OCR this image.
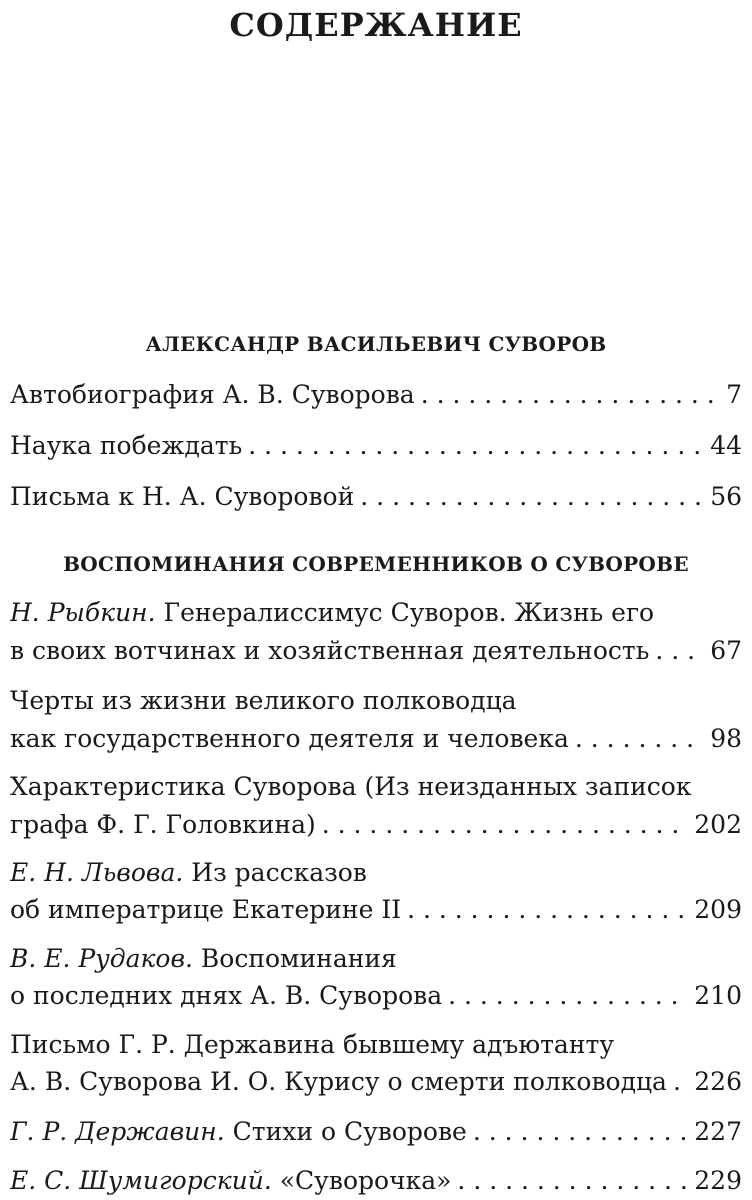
СОДЕРЖАНИЕ
АЛЕКСАНДР ВАСИЛЬЕВИЧ СУВОРОВ
Автобиография А. В. Суворова . . .	7
Наука побеждать . . .	44
Письма к Н. А. Суворовой . . .	56
ВОСПОМИНАНИЯ СОВРЕМЕННИКОВ О СУВОРОВЕ
Н. Рыбкин. Генералиссимус Суворов. Жизнь его
в своих вотчинах и хозяйственная деятельность . . . 67
Черты из жизни великого полководца
как государственного деятеля и человека . . .	98
Характеристика Суворова (Из неизданных записок
графа Ф. Г. Головкина) . . .	202
Е. Н. Львова. Из рассказов
об императрице Екатерине II . . .	209
В. Е. Рудаков. Воспоминания
о последних днях А. В. Суворова . . .	210
Письмо Г. Р. Державина бывшему адъютанту
А. В. Суворова И. О. Курису о смерти полководца . . . 226
Г. Р. Державин. Стихи о Суворове . . .	227
Е. С. Шумигорский. «Суворочка» . . .	229
